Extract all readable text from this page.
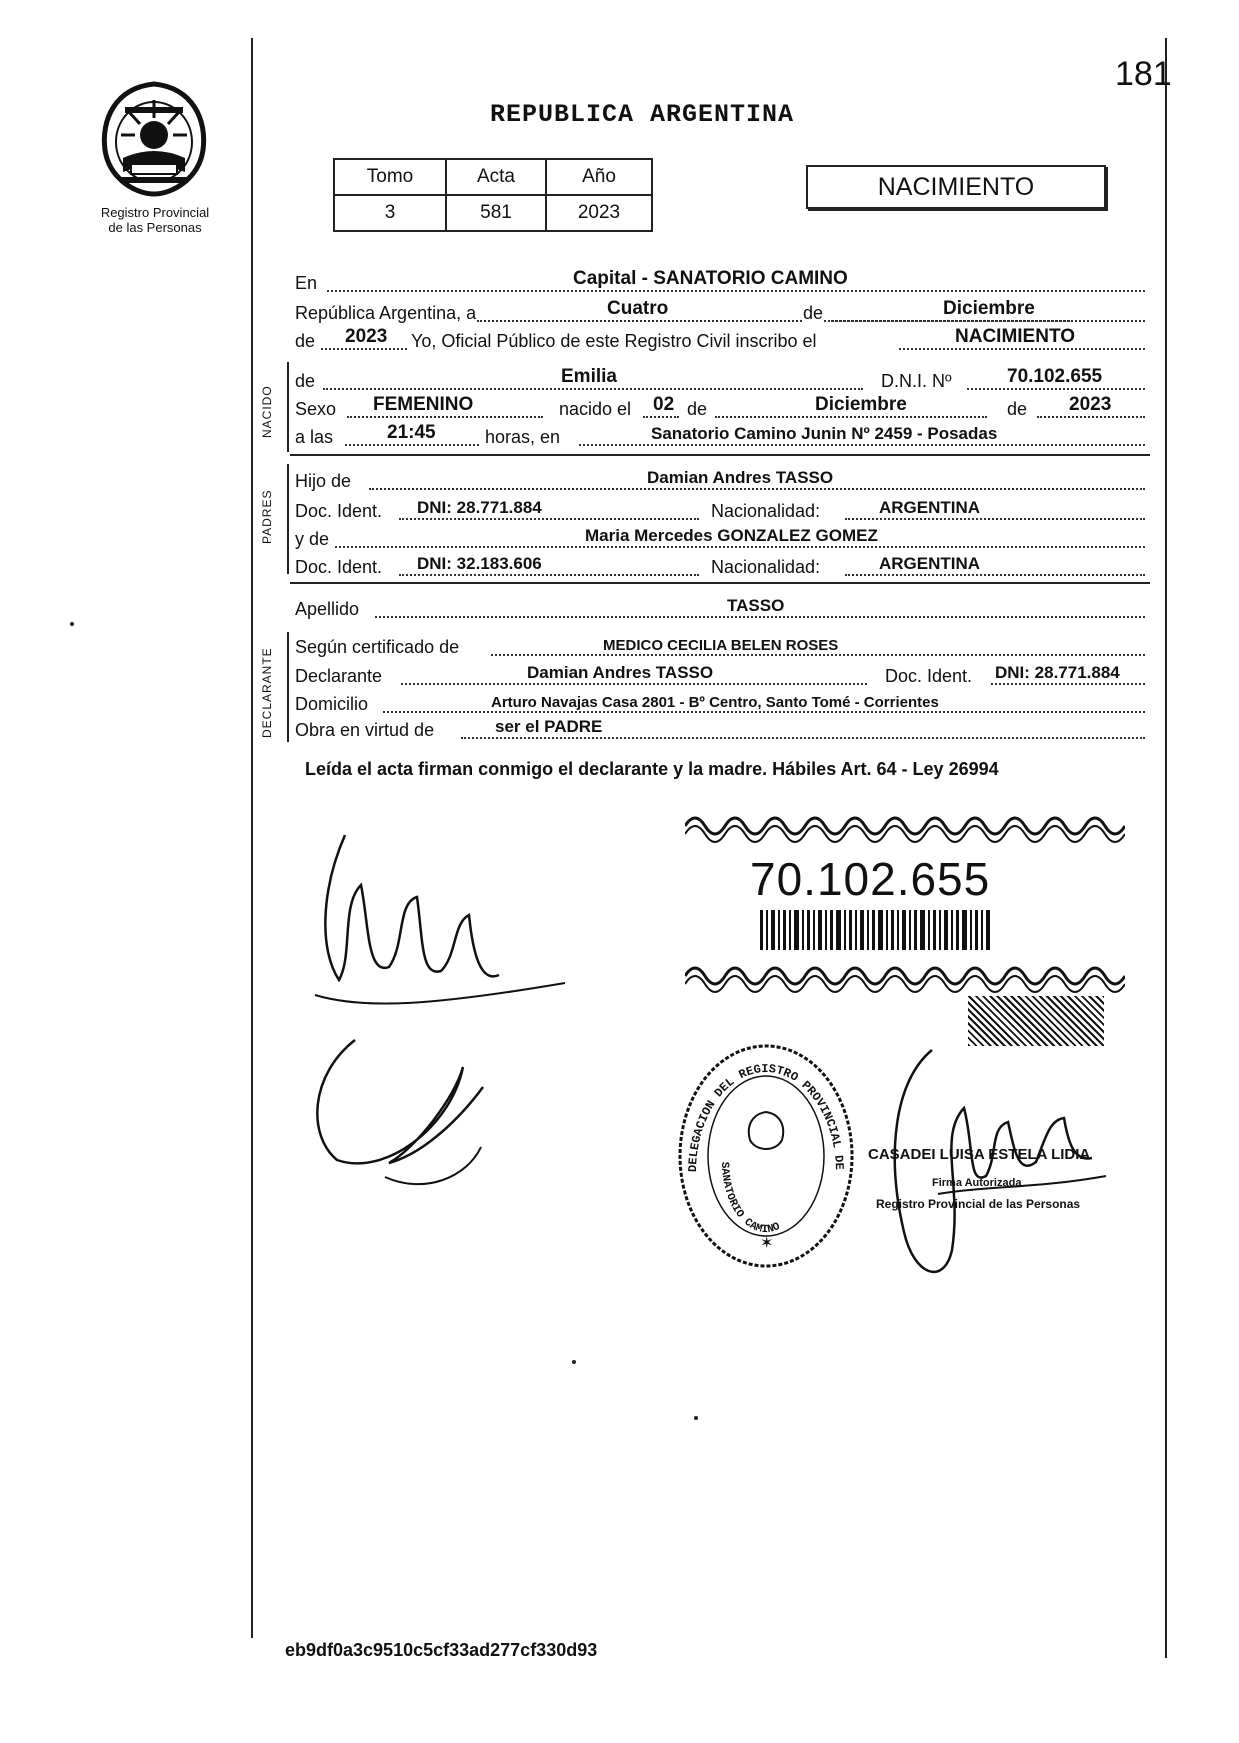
Registro Provincial
de las Personas
181
REPUBLICA ARGENTINA
Tomo	Acta	Año
3	581	2023
NACIMIENTO
En	Capital - SANATORIO CAMINO
República Argentina, a	Cuatro	de	Diciembre
de 2023 Yo, Oficial Público de este Registro Civil inscribo el	NACIMIENTO
NACIDO
de	Emilia	D.N.I. Nº	70.102.655
Sexo FEMENINO	nacido el 02 de	Diciembre	de 2023
a las	21:45	horas, en	Sanatorio Camino Junin Nº 2459 - Posadas
PADRES
Hijo de	Damian Andres TASSO
Doc. Ident. DNI: 28.771.884	Nacionalidad:	ARGENTINA
y de	Maria Mercedes GONZALEZ GOMEZ
Doc. Ident. DNI: 32.183.606	Nacionalidad:	ARGENTINA
Apellido	TASSO
DECLARANTE
Según certificado de	MEDICO CECILIA BELEN ROSES
Declarante	Damian Andres TASSO	Doc. Ident. DNI: 28.771.884
Domicilio	Arturo Navajas Casa 2801 - Bº Centro, Santo Tomé - Corrientes
Obra en virtud de	ser el PADRE
Leída el acta firman conmigo el declarante y la madre. Hábiles Art. 64 - Ley 26994
70.102.655
DELEGACION DEL REGISTRO PROVINCIAL DE
SANATORIO CAMINO
✶
CASADEI LUISA ESTELA LIDIA
Firma Autorizada
Registro Provincial de las Personas
eb9df0a3c9510c5cf33ad277cf330d93
